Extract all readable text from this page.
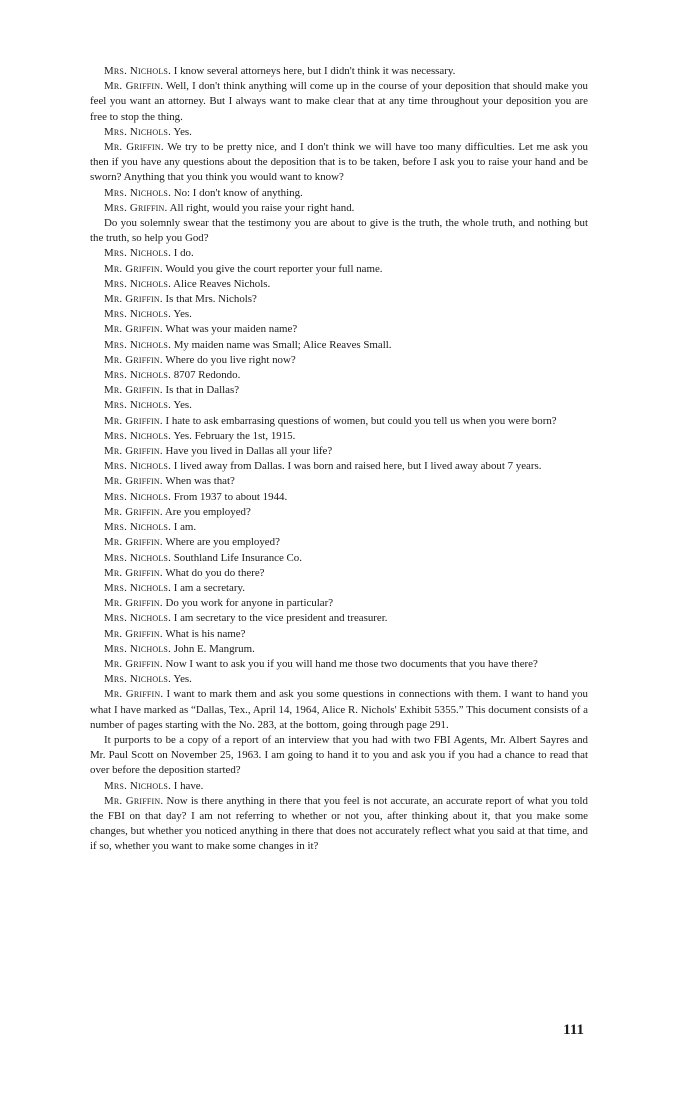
Mrs. Nichols. I know several attorneys here, but I didn't think it was necessary.

Mr. Griffin. Well, I don't think anything will come up in the course of your deposition that should make you feel you want an attorney. But I always want to make clear that at any time throughout your deposition you are free to stop the thing.

Mrs. Nichols. Yes.

Mr. Griffin. We try to be pretty nice, and I don't think we will have too many difficulties. Let me ask you then if you have any questions about the deposition that is to be taken, before I ask you to raise your hand and be sworn? Anything that you think you would want to know?

Mrs. Nichols. No: I don't know of anything.

Mrs. Griffin. All right, would you raise your right hand.

Do you solemnly swear that the testimony you are about to give is the truth, the whole truth, and nothing but the truth, so help you God?

Mrs. Nichols. I do.

Mr. Griffin. Would you give the court reporter your full name.

Mrs. Nichols. Alice Reaves Nichols.

Mr. Griffin. Is that Mrs. Nichols?

Mrs. Nichols. Yes.

Mr. Griffin. What was your maiden name?

Mrs. Nichols. My maiden name was Small; Alice Reaves Small.

Mr. Griffin. Where do you live right now?

Mrs. Nichols. 8707 Redondo.

Mr. Griffin. Is that in Dallas?

Mrs. Nichols. Yes.

Mr. Griffin. I hate to ask embarrasing questions of women, but could you tell us when you were born?

Mrs. Nichols. Yes. February the 1st, 1915.

Mr. Griffin. Have you lived in Dallas all your life?

Mrs. Nichols. I lived away from Dallas. I was born and raised here, but I lived away about 7 years.

Mr. Griffin. When was that?

Mrs. Nichols. From 1937 to about 1944.

Mr. Griffin. Are you employed?

Mrs. Nichols. I am.

Mr. Griffin. Where are you employed?

Mrs. Nichols. Southland Life Insurance Co.

Mr. Griffin. What do you do there?

Mrs. Nichols. I am a secretary.

Mr. Griffin. Do you work for anyone in particular?

Mrs. Nichols. I am secretary to the vice president and treasurer.

Mr. Griffin. What is his name?

Mrs. Nichols. John E. Mangrum.

Mr. Griffin. Now I want to ask you if you will hand me those two documents that you have there?

Mrs. Nichols. Yes.

Mr. Griffin. I want to mark them and ask you some questions in connections with them. I want to hand you what I have marked as “Dallas, Tex., April 14, 1964, Alice R. Nichols' Exhibit 5355.” This document consists of a number of pages starting with the No. 283, at the bottom, going through page 291.

It purports to be a copy of a report of an interview that you had with two FBI Agents, Mr. Albert Sayres and Mr. Paul Scott on November 25, 1963. I am going to hand it to you and ask you if you had a chance to read that over before the deposition started?

Mrs. Nichols. I have.

Mr. Griffin. Now is there anything in there that you feel is not accurate, an accurate report of what you told the FBI on that day? I am not referring to whether or not you, after thinking about it, that you make some changes, but whether you noticed anything in there that does not accurately reflect what you said at that time, and if so, whether you want to make some changes in it?

111
